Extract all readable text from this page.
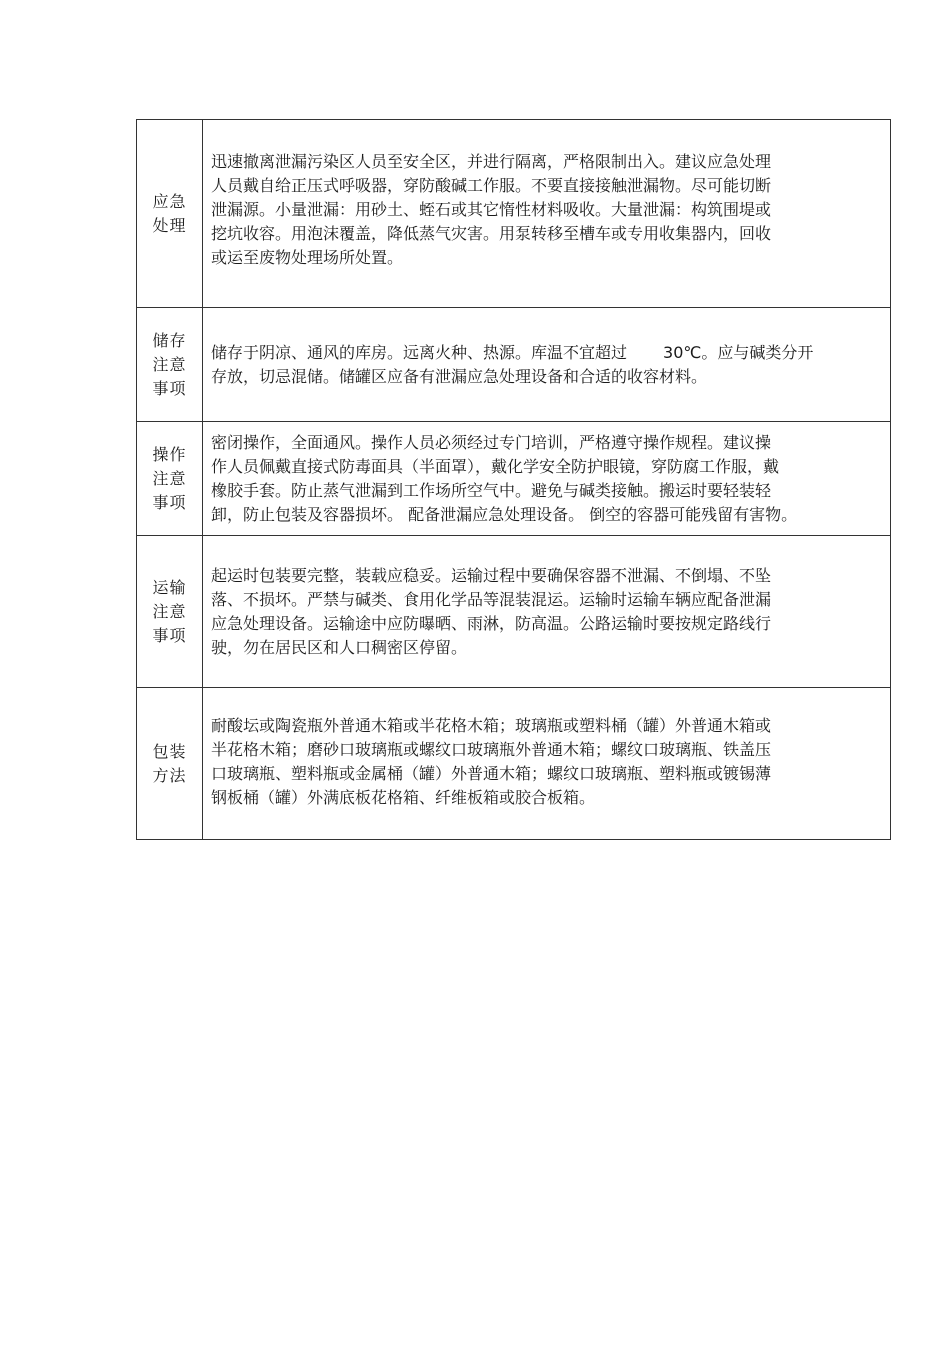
应急
处理	迅速撤离泄漏污染区人员至安全区，并进行隔离，严格限制出入。建议应急处理
人员戴自给正压式呼吸器，穿防酸碱工作服。不要直接接触泄漏物。尽可能切断
泄漏源。小量泄漏：用砂土、蛭石或其它惰性材料吸收。大量泄漏：构筑围堤或
挖坑收容。用泡沫覆盖，降低蒸气灾害。用泵转移至槽车或专用收集器内，回收
或运至废物处理场所处置。

储存
注意
事项	储存于阴凉、通风的库房。远离火种、热源。库温不宜超过 30℃。应与碱类分开
存放，切忌混储。储罐区应备有泄漏应急处理设备和合适的收容材料。

操作
注意
事项	密闭操作，全面通风。操作人员必须经过专门培训，严格遵守操作规程。建议操
作人员佩戴直接式防毒面具（半面罩），戴化学安全防护眼镜，穿防腐工作服，戴
橡胶手套。防止蒸气泄漏到工作场所空气中。避免与碱类接触。搬运时要轻装轻
卸，防止包装及容器损坏。 配备泄漏应急处理设备。 倒空的容器可能残留有害物。

运输
注意
事项	起运时包装要完整，装载应稳妥。运输过程中要确保容器不泄漏、不倒塌、不坠
落、不损坏。严禁与碱类、食用化学品等混装混运。运输时运输车辆应配备泄漏
应急处理设备。运输途中应防曝晒、雨淋，防高温。公路运输时要按规定路线行
驶，勿在居民区和人口稠密区停留。

包装
方法	耐酸坛或陶瓷瓶外普通木箱或半花格木箱；玻璃瓶或塑料桶（罐）外普通木箱或
半花格木箱；磨砂口玻璃瓶或螺纹口玻璃瓶外普通木箱；螺纹口玻璃瓶、铁盖压
口玻璃瓶、塑料瓶或金属桶（罐）外普通木箱；螺纹口玻璃瓶、塑料瓶或镀锡薄
钢板桶（罐）外满底板花格箱、纤维板箱或胶合板箱。
